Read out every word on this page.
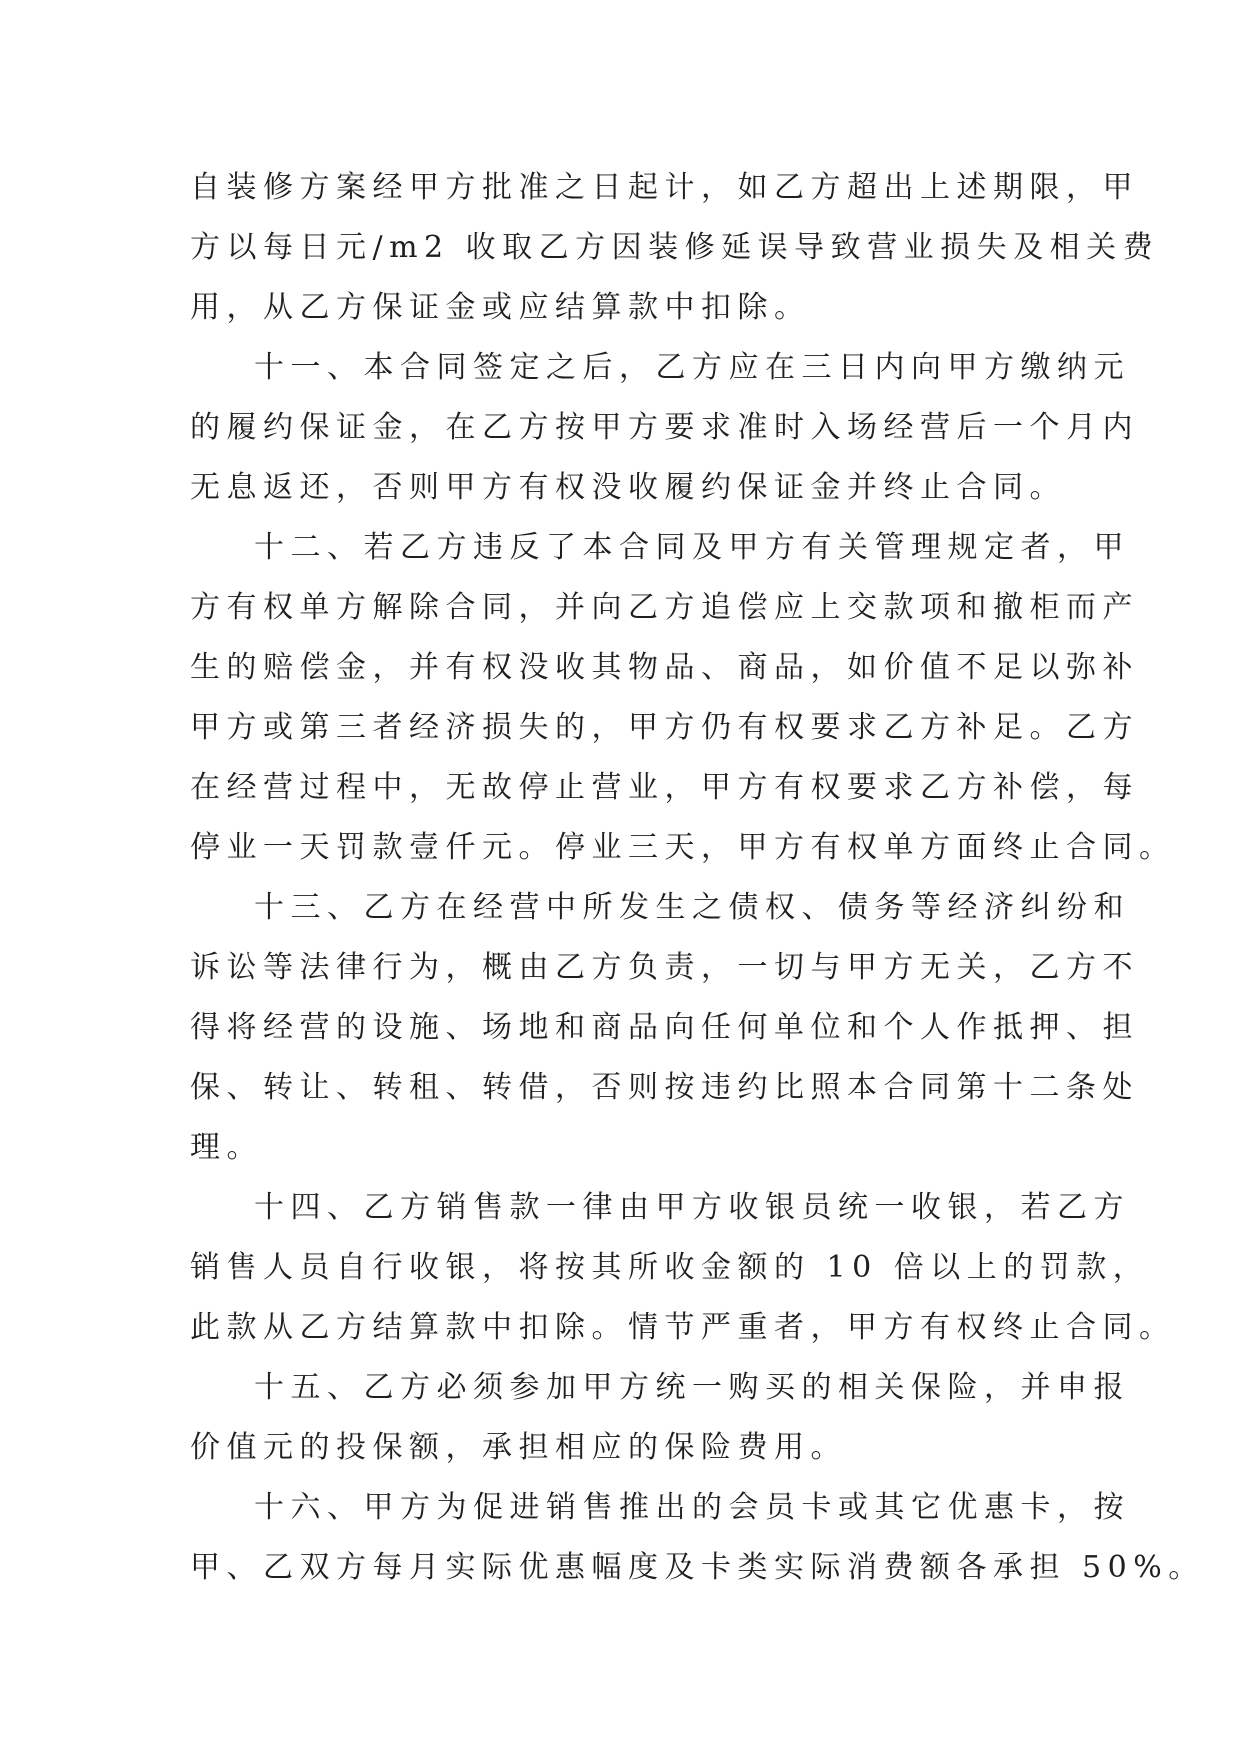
自装修方案经甲方批准之日起计，如乙方超出上述期限，甲
方以每日元/m2 收取乙方因装修延误导致营业损失及相关费
用，从乙方保证金或应结算款中扣除。
十一、本合同签定之后，乙方应在三日内向甲方缴纳元
的履约保证金，在乙方按甲方要求准时入场经营后一个月内
无息返还，否则甲方有权没收履约保证金并终止合同。
十二、若乙方违反了本合同及甲方有关管理规定者，甲
方有权单方解除合同，并向乙方追偿应上交款项和撤柜而产
生的赔偿金，并有权没收其物品、商品，如价值不足以弥补
甲方或第三者经济损失的，甲方仍有权要求乙方补足。乙方
在经营过程中，无故停止营业，甲方有权要求乙方补偿，每
停业一天罚款壹仟元。停业三天，甲方有权单方面终止合同。
十三、乙方在经营中所发生之债权、债务等经济纠纷和
诉讼等法律行为，概由乙方负责，一切与甲方无关，乙方不
得将经营的设施、场地和商品向任何单位和个人作抵押、担
保、转让、转租、转借，否则按违约比照本合同第十二条处
理。
十四、乙方销售款一律由甲方收银员统一收银，若乙方
销售人员自行收银，将按其所收金额的 10 倍以上的罚款，
此款从乙方结算款中扣除。情节严重者，甲方有权终止合同。
十五、乙方必须参加甲方统一购买的相关保险，并申报
价值元的投保额，承担相应的保险费用。
十六、甲方为促进销售推出的会员卡或其它优惠卡，按
甲、乙双方每月实际优惠幅度及卡类实际消费额各承担 50%。
